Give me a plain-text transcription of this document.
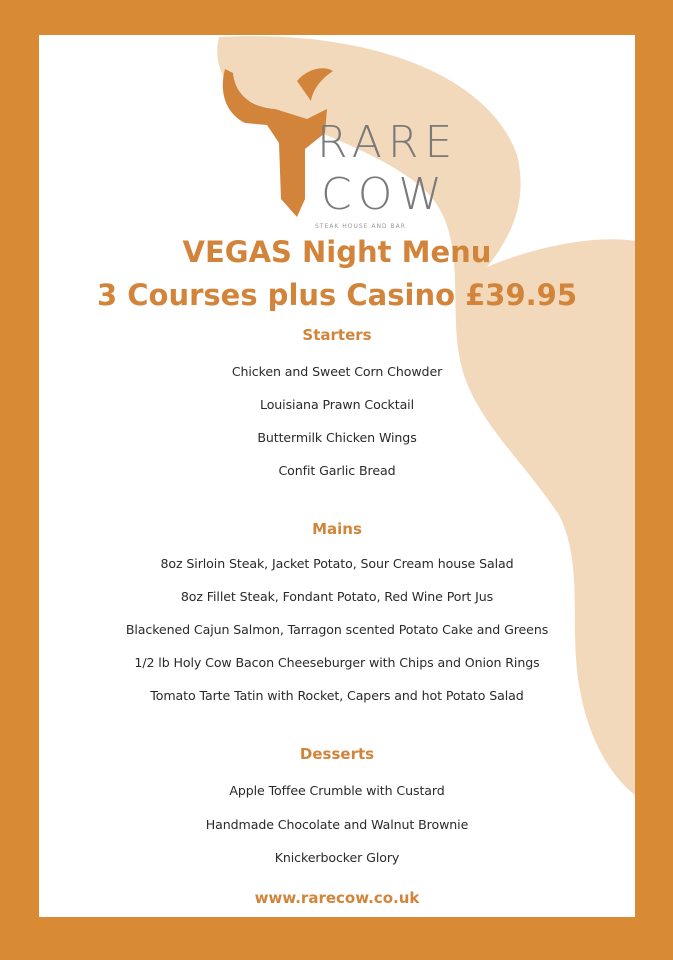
RARE
COW
STEAK HOUSE AND BAR
VEGAS Night Menu
3 Courses plus Casino £39.95
Starters
Chicken and Sweet Corn Chowder
Louisiana Prawn Cocktail
Buttermilk Chicken Wings
Confit Garlic Bread
Mains
8oz Sirloin Steak, Jacket Potato, Sour Cream house Salad
8oz Fillet Steak, Fondant Potato, Red Wine Port Jus
Blackened Cajun Salmon, Tarragon scented Potato Cake and Greens
1/2 lb Holy Cow Bacon Cheeseburger with Chips and Onion Rings
Tomato Tarte Tatin with Rocket, Capers and hot Potato Salad
Desserts
Apple Toffee Crumble with Custard
Handmade Chocolate and Walnut Brownie
Knickerbocker Glory
www.rarecow.co.uk
